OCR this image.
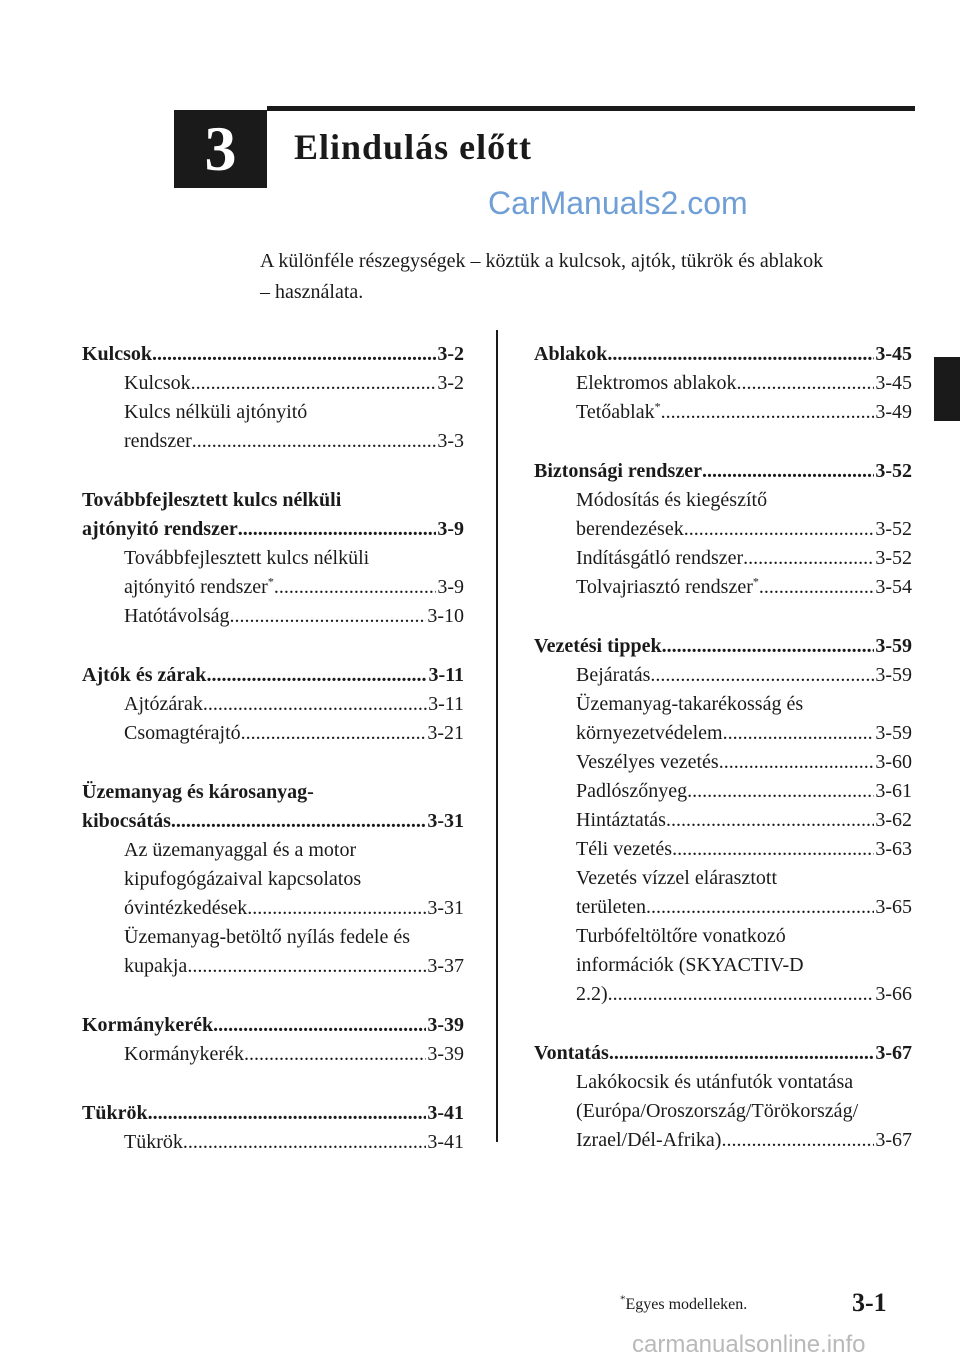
3 Elindulás előtt
CarManuals2.com
A különféle részegységek – köztük a kulcsok, ajtók, tükrök és ablakok
– használata.
Kulcsok .....	3-2
Kulcsok .....	3-2
Kulcs nélküli ajtónyitó
rendszer .....	3-3
Továbbfejlesztett kulcs nélküli
ajtónyitó rendszer .....	3-9
Továbbfejlesztett kulcs nélküli
ajtónyitó rendszer* .....	3-9
Hatótávolság .....	3-10
Ajtók és zárak .....	3-11
Ajtózárak .....	3-11
Csomagtérajtó .....	3-21
Üzemanyag és károsanyag-
kibocsátás .....	3-31
Az üzemanyaggal és a motor
kipufogógázaival kapcsolatos
óvintézkedések .....	3-31
Üzemanyag-betöltő nyílás fedele és
kupakja .....	3-37
Kormánykerék .....	3-39
Kormánykerék .....	3-39
Tükrök .....	3-41
Tükrök .....	3-41
Ablakok .....	3-45
Elektromos ablakok .....	3-45
Tetőablak* .....	3-49
Biztonsági rendszer .....	3-52
Módosítás és kiegészítő
berendezések .....	3-52
Indításgátló rendszer .....	3-52
Tolvajriasztó rendszer* .....	3-54
Vezetési tippek .....	3-59
Bejáratás .....	3-59
Üzemanyag-takarékosság és
környezetvédelem .....	3-59
Veszélyes vezetés .....	3-60
Padlószőnyeg .....	3-61
Hintáztatás .....	3-62
Téli vezetés .....	3-63
Vezetés vízzel elárasztott
területen .....	3-65
Turbófeltöltőre vonatkozó
információk (SKYACTIV-D
2.2) .....	3-66
Vontatás .....	3-67
Lakókocsik és utánfutók vontatása
(Európa/Oroszország/Törökország/
Izrael/Dél-Afrika) .....	3-67
*Egyes modelleken.	3-1
carmanualsonline.info
